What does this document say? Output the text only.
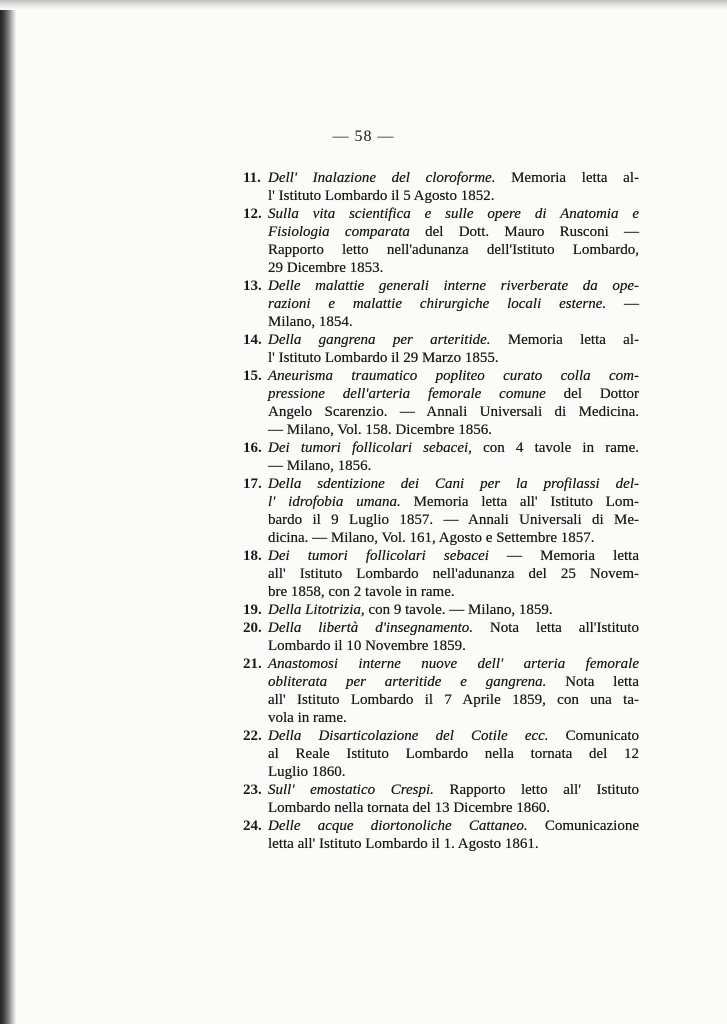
— 58 —
11. Dell' Inalazione del cloroforme. Memoria letta al-
l' Istituto Lombardo il 5 Agosto 1852.
12. Sulla vita scientifica e sulle opere di Anatomia e
Fisiologia comparata del Dott. Mauro Rusconi —
Rapporto letto nell'adunanza dell'Istituto Lombardo,
29 Dicembre 1853.
13. Delle malattie generali interne riverberate da ope-
razioni e malattie chirurgiche locali esterne. —
Milano, 1854.
14. Della gangrena per arteritide. Memoria letta al-
l' Istituto Lombardo il 29 Marzo 1855.
15. Aneurisma traumatico popliteo curato colla com-
pressione dell'arteria femorale comune del Dottor
Angelo Scarenzio. — Annali Universali di Medicina.
— Milano, Vol. 158. Dicembre 1856.
16. Dei tumori follicolari sebacei, con 4 tavole in rame.
— Milano, 1856.
17. Della sdentizione dei Cani per la profilassi del-
l' idrofobia umana. Memoria letta all' Istituto Lom-
bardo il 9 Luglio 1857. — Annali Universali di Me-
dicina. — Milano, Vol. 161, Agosto e Settembre 1857.
18. Dei tumori follicolari sebacei — Memoria letta
all' Istituto Lombardo nell'adunanza del 25 Novem-
bre 1858, con 2 tavole in rame.
19. Della Litotrizia, con 9 tavole. — Milano, 1859.
20. Della libertà d'insegnamento. Nota letta all'Istituto
Lombardo il 10 Novembre 1859.
21. Anastomosi interne nuove dell' arteria femorale
obliterata per arteritide e gangrena. Nota letta
all' Istituto Lombardo il 7 Aprile 1859, con una ta-
vola in rame.
22. Della Disarticolazione del Cotile ecc. Comunicato
al Reale Istituto Lombardo nella tornata del 12
Luglio 1860.
23. Sull' emostatico Crespi. Rapporto letto all' Istituto
Lombardo nella tornata del 13 Dicembre 1860.
24. Delle acque diortonoliche Cattaneo. Comunicazione
letta all' Istituto Lombardo il 1. Agosto 1861.
